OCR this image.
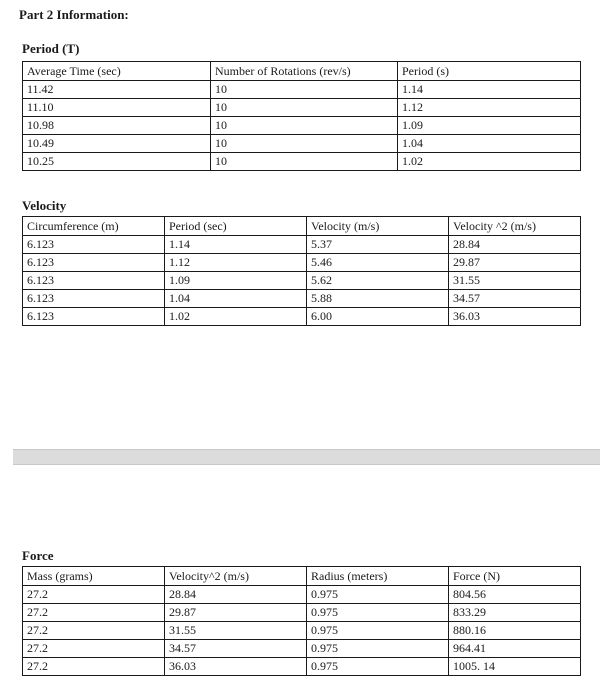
Part 2 Information:
Period (T)
Average Time (sec)	Number of Rotations (rev/s)	Period (s)
11.42	10	1.14
11.10	10	1.12
10.98	10	1.09
10.49	10	1.04
10.25	10	1.02
Velocity
Circumference (m)	Period (sec)	Velocity (m/s)	Velocity ^2 (m/s)
6.123	1.14	5.37	28.84
6.123	1.12	5.46	29.87
6.123	1.09	5.62	31.55
6.123	1.04	5.88	34.57
6.123	1.02	6.00	36.03
Force
Mass (grams)	Velocity^2 (m/s)	Radius (meters)	Force (N)
27.2	28.84	0.975	804.56
27.2	29.87	0.975	833.29
27.2	31.55	0.975	880.16
27.2	34.57	0.975	964.41
27.2	36.03	0.975	1005. 14
